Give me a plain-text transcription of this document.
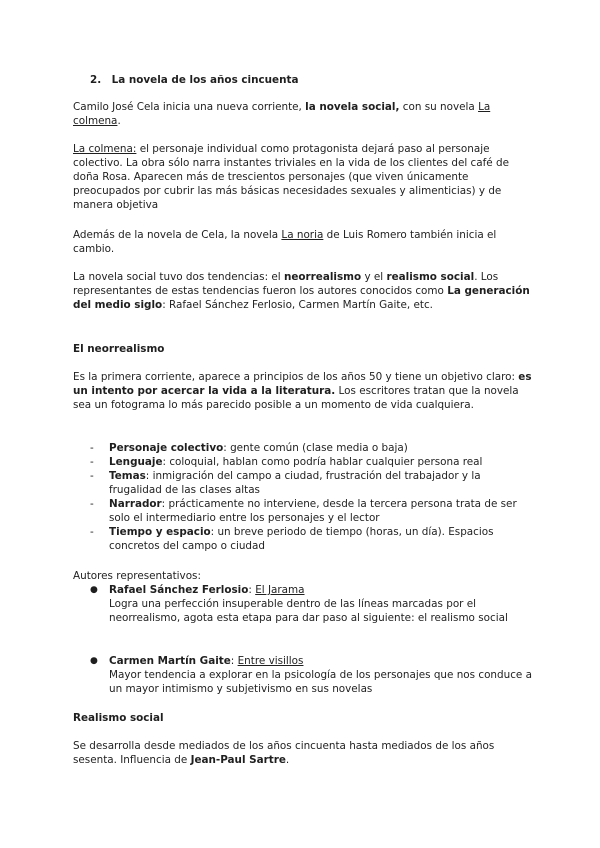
2. La novela de los años cincuenta

Camilo José Cela inicia una nueva corriente, la novela social, con su novela La colmena.

La colmena: el personaje individual como protagonista dejará paso al personaje colectivo. La obra sólo narra instantes triviales en la vida de los clientes del café de doña Rosa. Aparecen más de trescientos personajes (que viven únicamente preocupados por cubrir las más básicas necesidades sexuales y alimenticias) y de manera objetiva

Además de la novela de Cela, la novela La noria de Luis Romero también inicia el cambio.

La novela social tuvo dos tendencias: el neorrealismo y el realismo social. Los representantes de estas tendencias fueron los autores conocidos como La generación del medio siglo: Rafael Sánchez Ferlosio, Carmen Martín Gaite, etc.

El neorrealismo

Es la primera corriente, aparece a principios de los años 50 y tiene un objetivo claro: es un intento por acercar la vida a la literatura. Los escritores tratan que la novela sea un fotograma lo más parecido posible a un momento de vida cualquiera.

- Personaje colectivo: gente común (clase media o baja)
- Lenguaje: coloquial, hablan como podría hablar cualquier persona real
- Temas: inmigración del campo a ciudad, frustración del trabajador y la frugalidad de las clases altas
- Narrador: prácticamente no interviene, desde la tercera persona trata de ser solo el intermediario entre los personajes y el lector
- Tiempo y espacio: un breve periodo de tiempo (horas, un día). Espacios concretos del campo o ciudad

Autores representativos:

● Rafael Sánchez Ferlosio: El Jarama
Logra una perfección insuperable dentro de las líneas marcadas por el neorrealismo, agota esta etapa para dar paso al siguiente: el realismo social
● Carmen Martín Gaite: Entre visillos
Mayor tendencia a explorar en la psicología de los personajes que nos conduce a un mayor intimismo y subjetivismo en sus novelas

Realismo social

Se desarrolla desde mediados de los años cincuenta hasta mediados de los años sesenta. Influencia de Jean-Paul Sartre.
